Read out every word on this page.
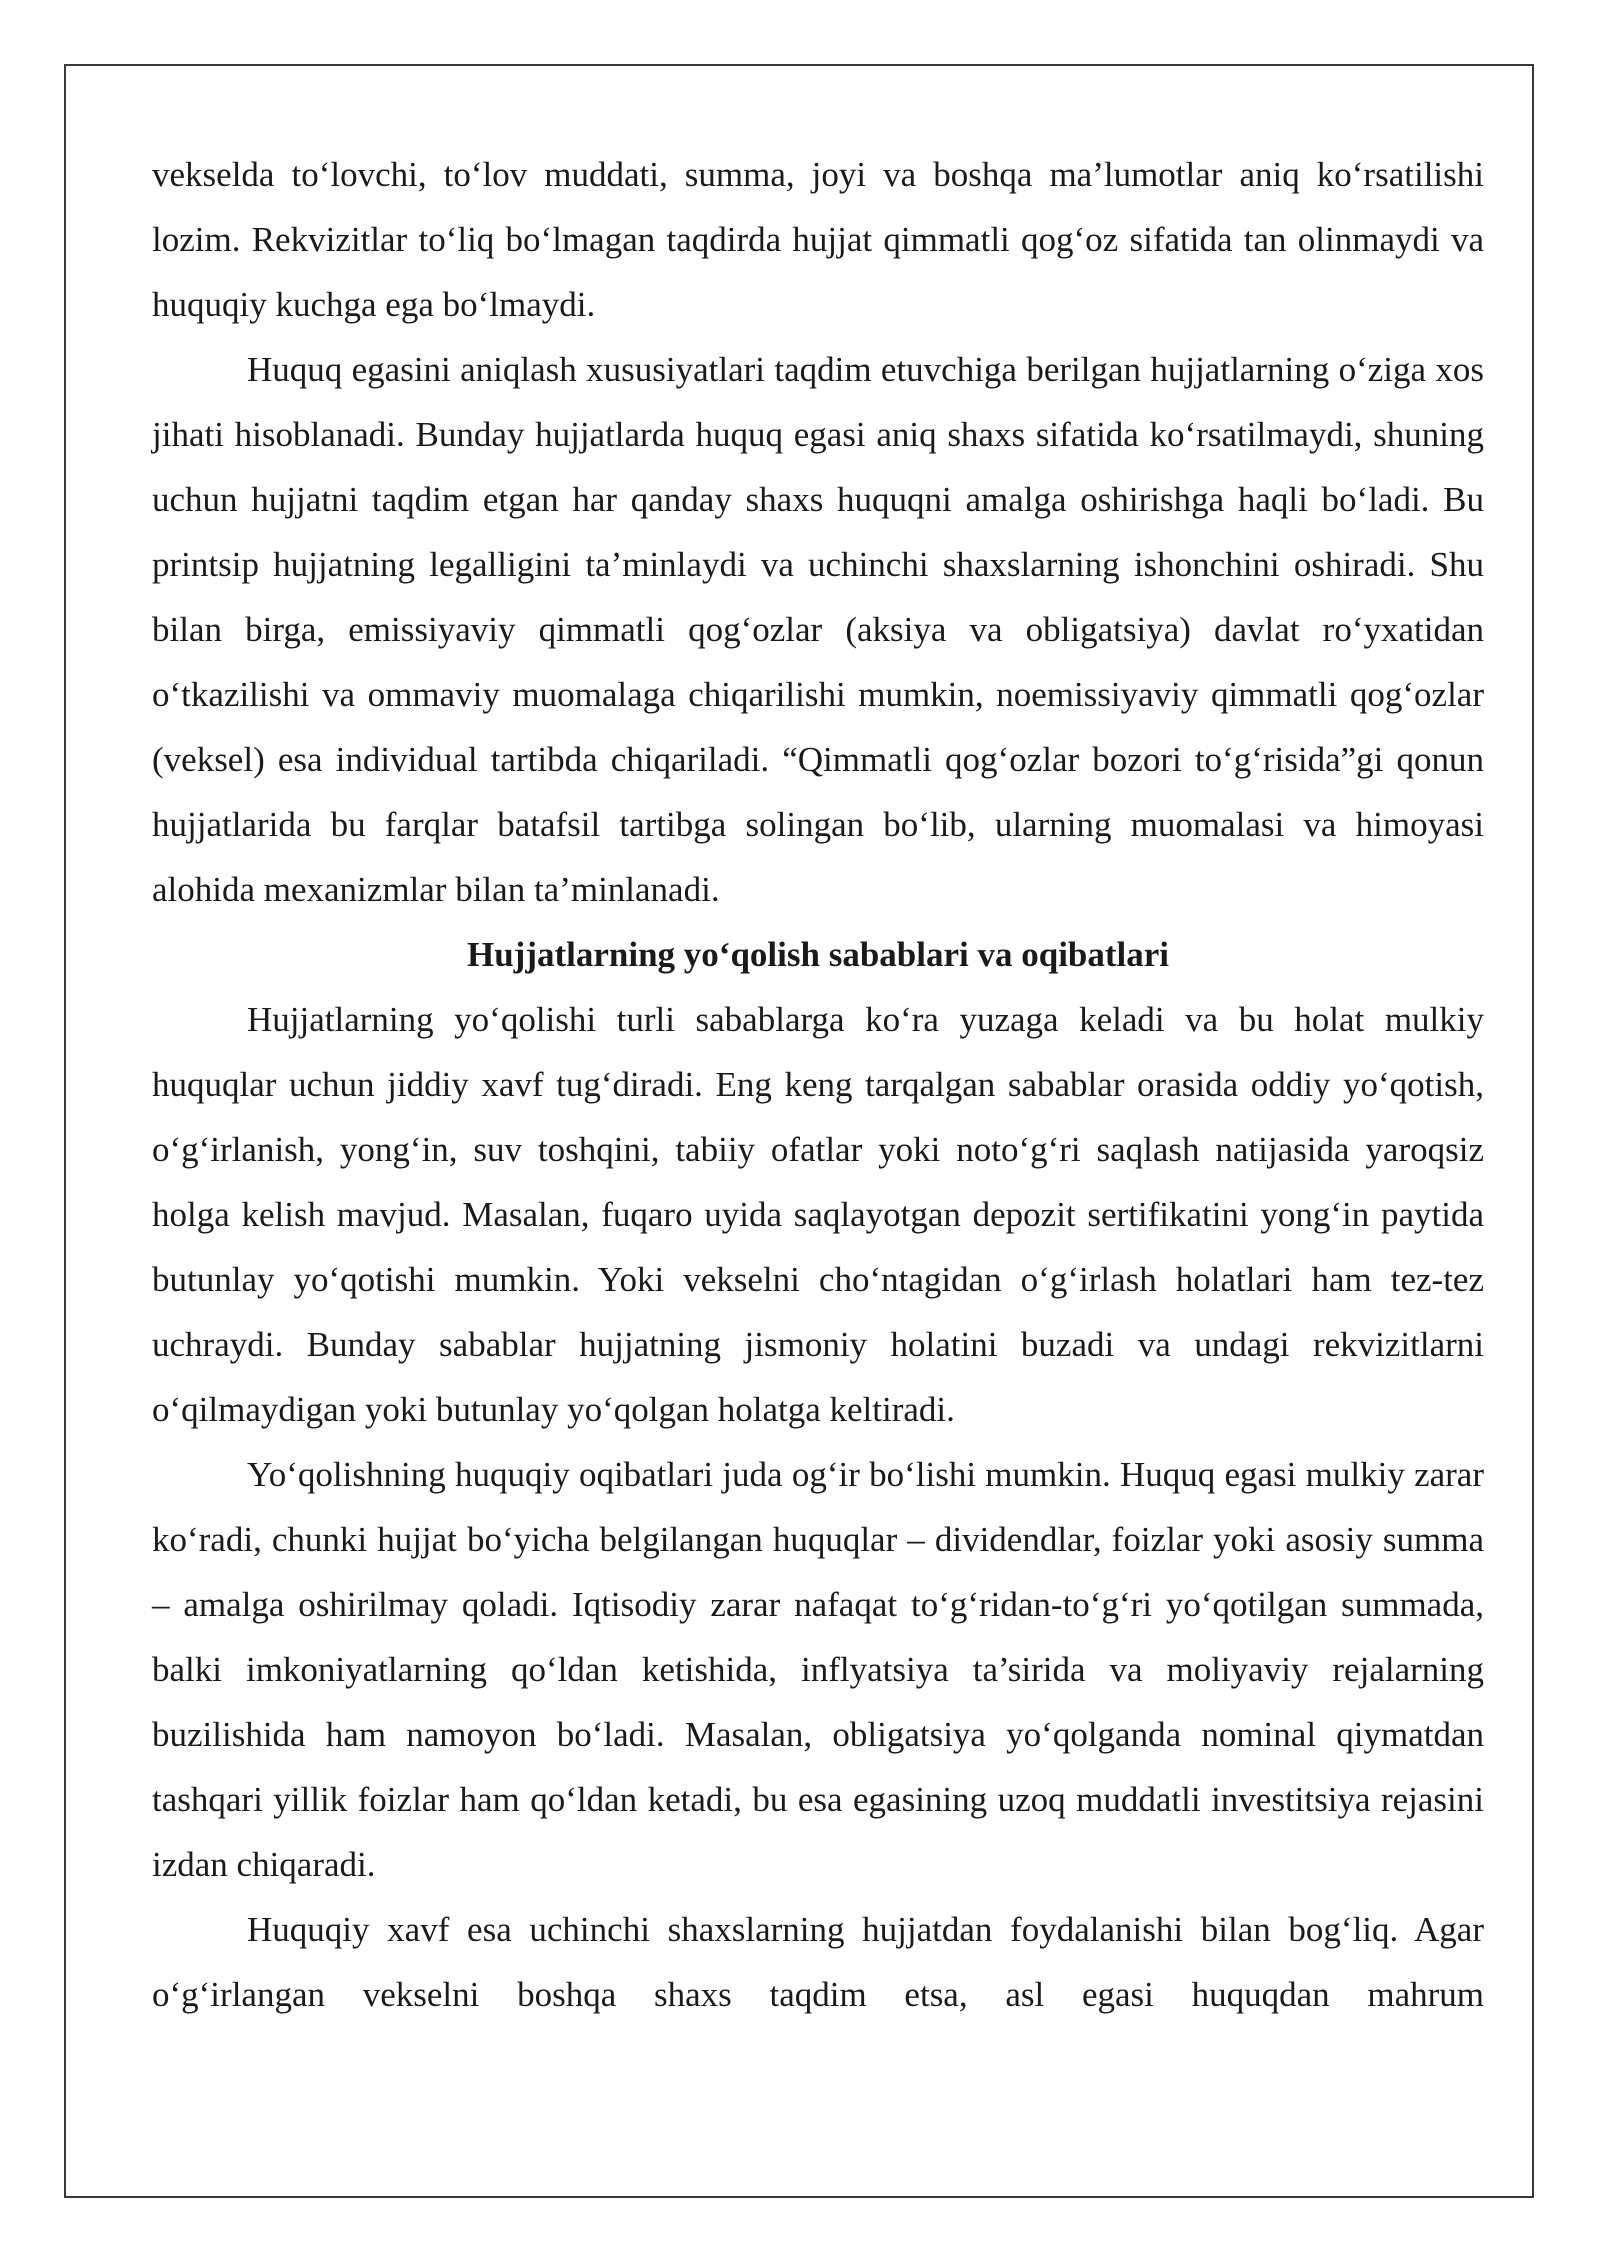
vekselda to‘lovchi, to‘lov muddati, summa, joyi va boshqa ma’lumotlar aniq ko‘rsatilishi lozim. Rekvizitlar to‘liq bo‘lmagan taqdirda hujjat qimmatli qog‘oz sifatida tan olinmaydi va huquqiy kuchga ega bo‘lmaydi.

Huquq egasini aniqlash xususiyatlari taqdim etuvchiga berilgan hujjatlarning o‘ziga xos jihati hisoblanadi. Bunday hujjatlarda huquq egasi aniq shaxs sifatida ko‘rsatilmaydi, shuning uchun hujjatni taqdim etgan har qanday shaxs huquqni amalga oshirishga haqli bo‘ladi. Bu printsip hujjatning legalligini ta’minlaydi va uchinchi shaxslarning ishonchini oshiradi. Shu bilan birga, emissiyaviy qimmatli qog‘ozlar (aksiya va obligatsiya) davlat ro‘yxatidan o‘tkazilishi va ommaviy muomalaga chiqarilishi mumkin, noemissiyaviy qimmatli qog‘ozlar (veksel) esa individual tartibda chiqariladi. “Qimmatli qog‘ozlar bozori to‘g‘risida”gi qonun hujjatlarida bu farqlar batafsil tartibga solingan bo‘lib, ularning muomalasi va himoyasi alohida mexanizmlar bilan ta’minlanadi.

Hujjatlarning yo‘qolish sabablari va oqibatlari

Hujjatlarning yo‘qolishi turli sabablarga ko‘ra yuzaga keladi va bu holat mulkiy huquqlar uchun jiddiy xavf tug‘diradi. Eng keng tarqalgan sabablar orasida oddiy yo‘qotish, o‘g‘irlanish, yong‘in, suv toshqini, tabiiy ofatlar yoki noto‘g‘ri saqlash natijasida yaroqsiz holga kelish mavjud. Masalan, fuqaro uyida saqlayotgan depozit sertifikatini yong‘in paytida butunlay yo‘qotishi mumkin. Yoki vekselni cho‘ntagidan o‘g‘irlash holatlari ham tez-tez uchraydi. Bunday sabablar hujjatning jismoniy holatini buzadi va undagi rekvizitlarni o‘qilmaydigan yoki butunlay yo‘qolgan holatga keltiradi.

Yo‘qolishning huquqiy oqibatlari juda og‘ir bo‘lishi mumkin. Huquq egasi mulkiy zarar ko‘radi, chunki hujjat bo‘yicha belgilangan huquqlar – dividendlar, foizlar yoki asosiy summa – amalga oshirilmay qoladi. Iqtisodiy zarar nafaqat to‘g‘ridan-to‘g‘ri yo‘qotilgan summada, balki imkoniyatlarning qo‘ldan ketishida, inflyatsiya ta’sirida va moliyaviy rejalarning buzilishida ham namoyon bo‘ladi. Masalan, obligatsiya yo‘qolganda nominal qiymatdan tashqari yillik foizlar ham qo‘ldan ketadi, bu esa egasining uzoq muddatli investitsiya rejasini izdan chiqaradi.

Huquqiy xavf esa uchinchi shaxslarning hujjatdan foydalanishi bilan bog‘liq. Agar o‘g‘irlangan vekselni boshqa shaxs taqdim etsa, asl egasi huquqdan mahrum
